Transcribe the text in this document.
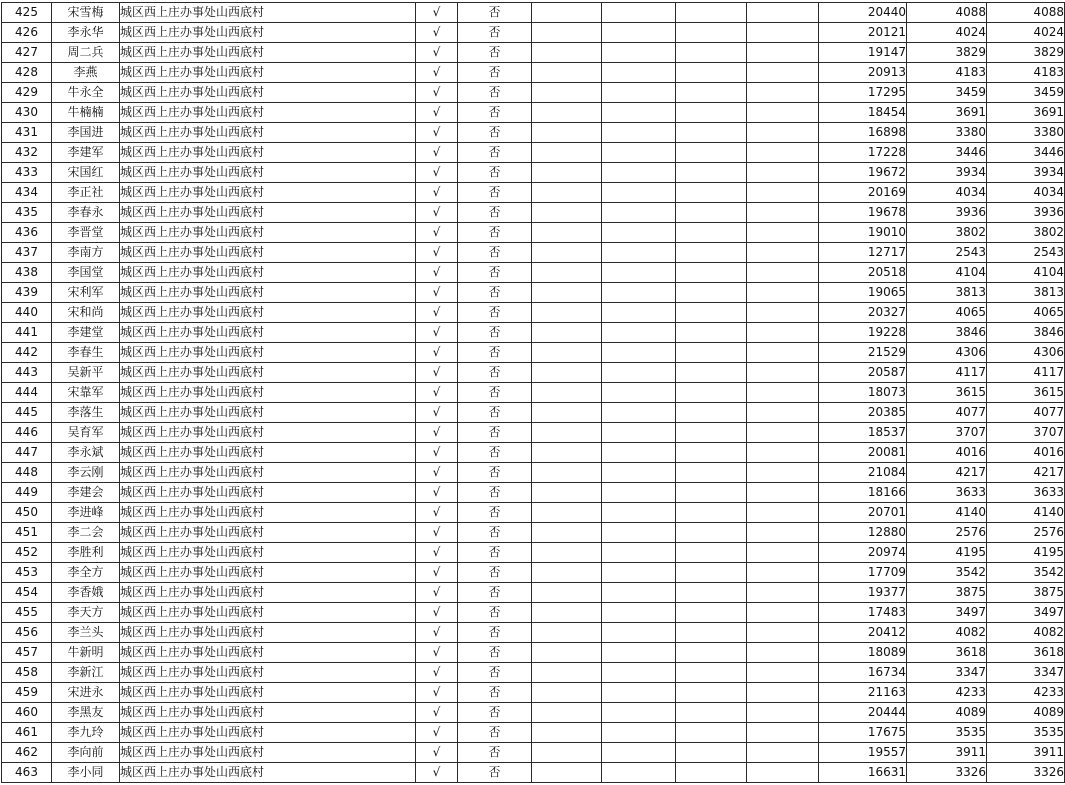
425	宋雪梅	城区西上庄办事处山西底村	√	否					20440	4088	4088
426	李永华	城区西上庄办事处山西底村	√	否					20121	4024	4024
427	周二兵	城区西上庄办事处山西底村	√	否					19147	3829	3829
428	李燕	城区西上庄办事处山西底村	√	否					20913	4183	4183
429	牛永全	城区西上庄办事处山西底村	√	否					17295	3459	3459
430	牛楠楠	城区西上庄办事处山西底村	√	否					18454	3691	3691
431	李国进	城区西上庄办事处山西底村	√	否					16898	3380	3380
432	李建军	城区西上庄办事处山西底村	√	否					17228	3446	3446
433	宋国红	城区西上庄办事处山西底村	√	否					19672	3934	3934
434	李正社	城区西上庄办事处山西底村	√	否					20169	4034	4034
435	李春永	城区西上庄办事处山西底村	√	否					19678	3936	3936
436	李晋堂	城区西上庄办事处山西底村	√	否					19010	3802	3802
437	李南方	城区西上庄办事处山西底村	√	否					12717	2543	2543
438	李国堂	城区西上庄办事处山西底村	√	否					20518	4104	4104
439	宋利军	城区西上庄办事处山西底村	√	否					19065	3813	3813
440	宋和尚	城区西上庄办事处山西底村	√	否					20327	4065	4065
441	李建堂	城区西上庄办事处山西底村	√	否					19228	3846	3846
442	李春生	城区西上庄办事处山西底村	√	否					21529	4306	4306
443	吴新平	城区西上庄办事处山西底村	√	否					20587	4117	4117
444	宋靠军	城区西上庄办事处山西底村	√	否					18073	3615	3615
445	李落生	城区西上庄办事处山西底村	√	否					20385	4077	4077
446	吴育军	城区西上庄办事处山西底村	√	否					18537	3707	3707
447	李永斌	城区西上庄办事处山西底村	√	否					20081	4016	4016
448	李云刚	城区西上庄办事处山西底村	√	否					21084	4217	4217
449	李建会	城区西上庄办事处山西底村	√	否					18166	3633	3633
450	李进峰	城区西上庄办事处山西底村	√	否					20701	4140	4140
451	李二会	城区西上庄办事处山西底村	√	否					12880	2576	2576
452	李胜利	城区西上庄办事处山西底村	√	否					20974	4195	4195
453	李全方	城区西上庄办事处山西底村	√	否					17709	3542	3542
454	李香娥	城区西上庄办事处山西底村	√	否					19377	3875	3875
455	李天方	城区西上庄办事处山西底村	√	否					17483	3497	3497
456	李兰头	城区西上庄办事处山西底村	√	否					20412	4082	4082
457	牛新明	城区西上庄办事处山西底村	√	否					18089	3618	3618
458	李新江	城区西上庄办事处山西底村	√	否					16734	3347	3347
459	宋进永	城区西上庄办事处山西底村	√	否					21163	4233	4233
460	李黑友	城区西上庄办事处山西底村	√	否					20444	4089	4089
461	李九玲	城区西上庄办事处山西底村	√	否					17675	3535	3535
462	李向前	城区西上庄办事处山西底村	√	否					19557	3911	3911
463	李小同	城区西上庄办事处山西底村	√	否					16631	3326	3326
